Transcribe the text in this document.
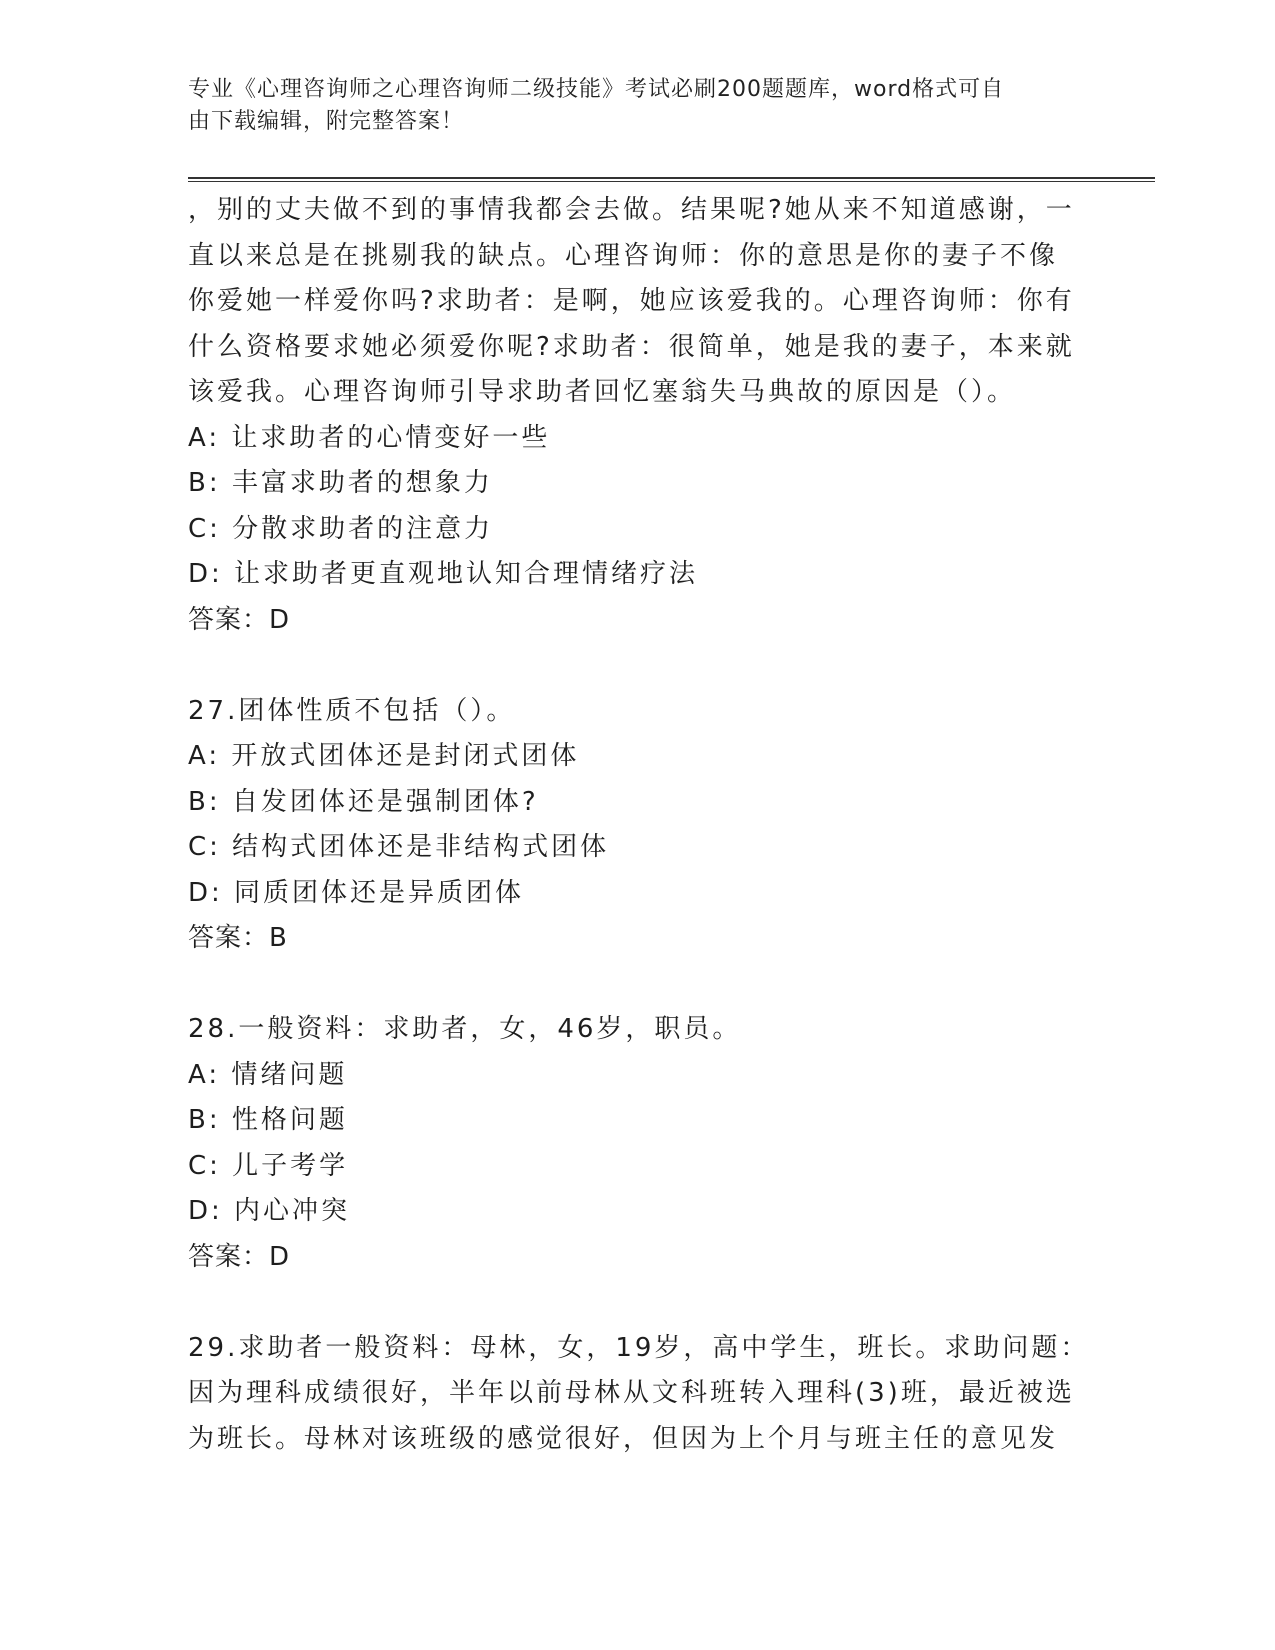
专业《心理咨询师之心理咨询师二级技能》考试必刷200题题库，word格式可自
由下载编辑，附完整答案！
，别的丈夫做不到的事情我都会去做。结果呢?她从来不知道感谢，一
直以来总是在挑剔我的缺点。心理咨询师：你的意思是你的妻子不像
你爱她一样爱你吗?求助者：是啊，她应该爱我的。心理咨询师：你有
什么资格要求她必须爱你呢?求助者：很简单，她是我的妻子，本来就
该爱我。心理咨询师引导求助者回忆塞翁失马典故的原因是（）。
A: 让求助者的心情变好一些
B: 丰富求助者的想象力
C: 分散求助者的注意力
D: 让求助者更直观地认知合理情绪疗法
答案：D
27.团体性质不包括（）。
A: 开放式团体还是封闭式团体
B: 自发团体还是强制团体?
C: 结构式团体还是非结构式团体
D: 同质团体还是异质团体
答案：B
28.一般资料：求助者，女，46岁，职员。
A: 情绪问题
B: 性格问题
C: 儿子考学
D: 内心冲突
答案：D
29.求助者一般资料：母林，女，19岁，高中学生，班长。求助问题：
因为理科成绩很好，半年以前母林从文科班转入理科(3)班，最近被选
为班长。母林对该班级的感觉很好，但因为上个月与班主任的意见发
